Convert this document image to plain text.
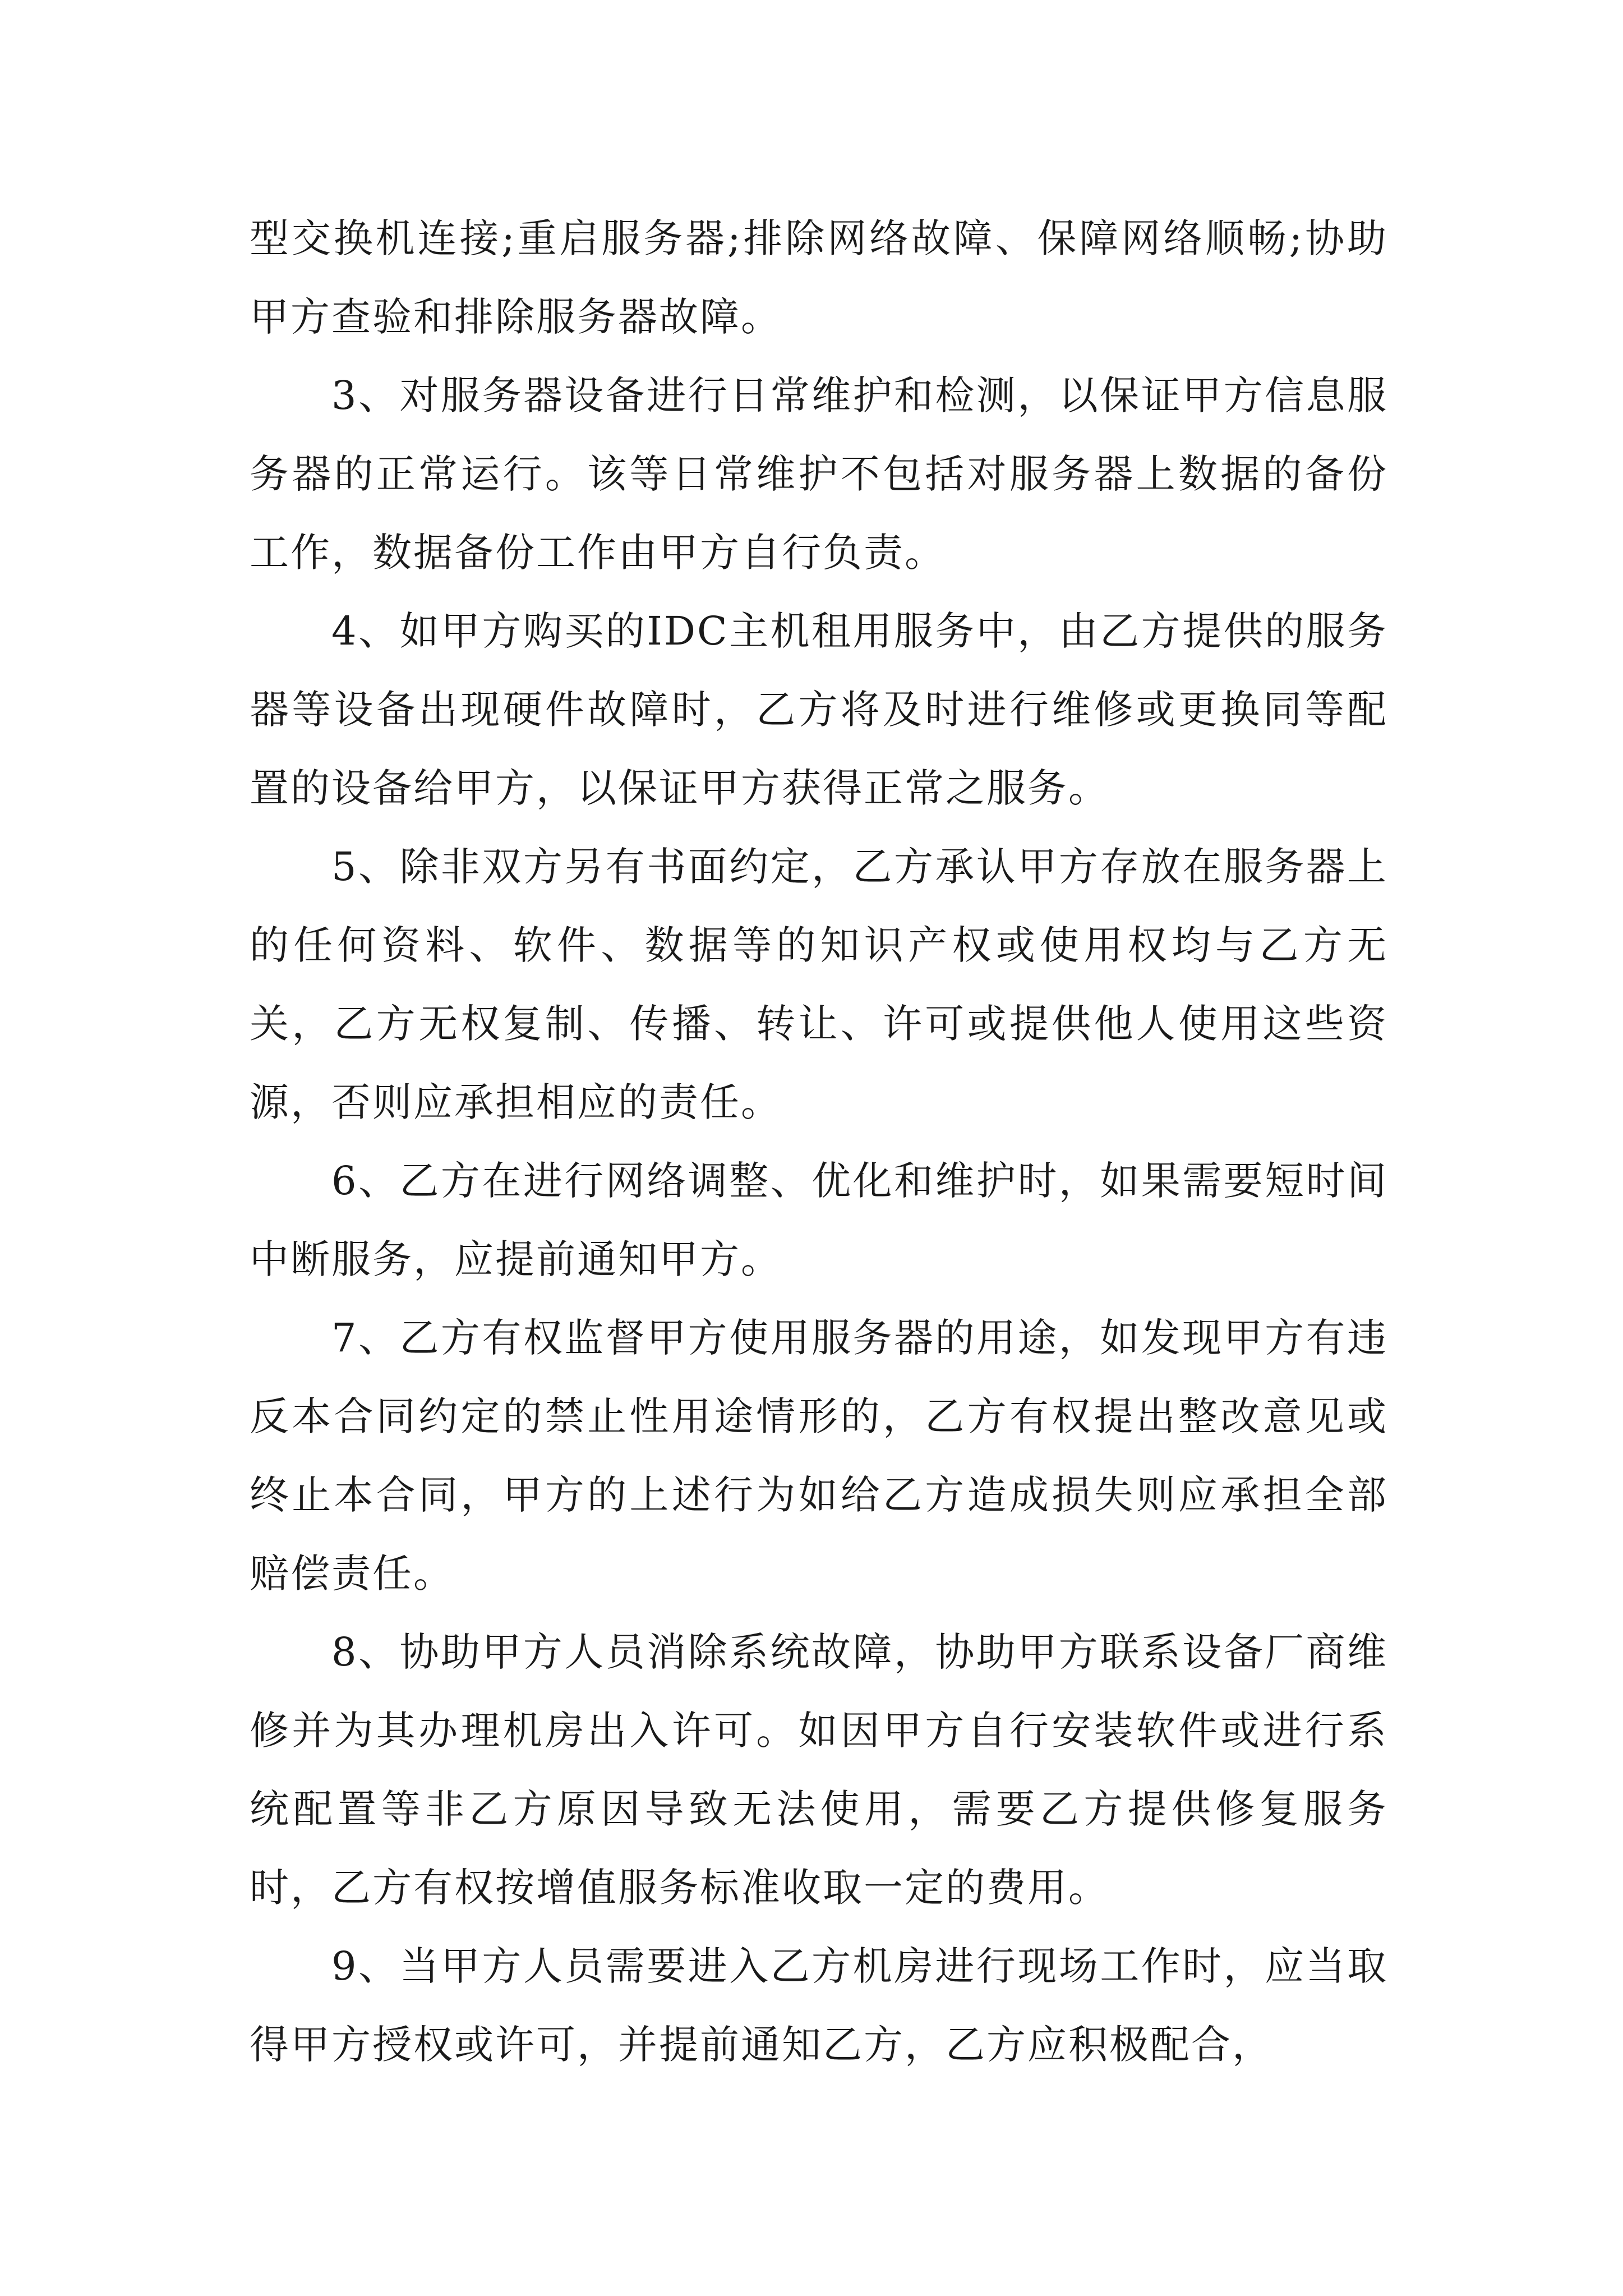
型交换机连接;重启服务器;排除网络故障、保障网络顺畅;协助甲方查验和排除服务器故障。

3、对服务器设备进行日常维护和检测，以保证甲方信息服务器的正常运行。该等日常维护不包括对服务器上数据的备份工作，数据备份工作由甲方自行负责。

4、如甲方购买的IDC主机租用服务中，由乙方提供的服务器等设备出现硬件故障时，乙方将及时进行维修或更换同等配置的设备给甲方，以保证甲方获得正常之服务。

5、除非双方另有书面约定，乙方承认甲方存放在服务器上的任何资料、软件、数据等的知识产权或使用权均与乙方无关，乙方无权复制、传播、转让、许可或提供他人使用这些资源，否则应承担相应的责任。

6、乙方在进行网络调整、优化和维护时，如果需要短时间中断服务，应提前通知甲方。

7、乙方有权监督甲方使用服务器的用途，如发现甲方有违反本合同约定的禁止性用途情形的，乙方有权提出整改意见或终止本合同，甲方的上述行为如给乙方造成损失则应承担全部赔偿责任。

8、协助甲方人员消除系统故障，协助甲方联系设备厂商维修并为其办理机房出入许可。如因甲方自行安装软件或进行系统配置等非乙方原因导致无法使用，需要乙方提供修复服务时，乙方有权按增值服务标准收取一定的费用。

9、当甲方人员需要进入乙方机房进行现场工作时，应当取得甲方授权或许可，并提前通知乙方，乙方应积极配合，
